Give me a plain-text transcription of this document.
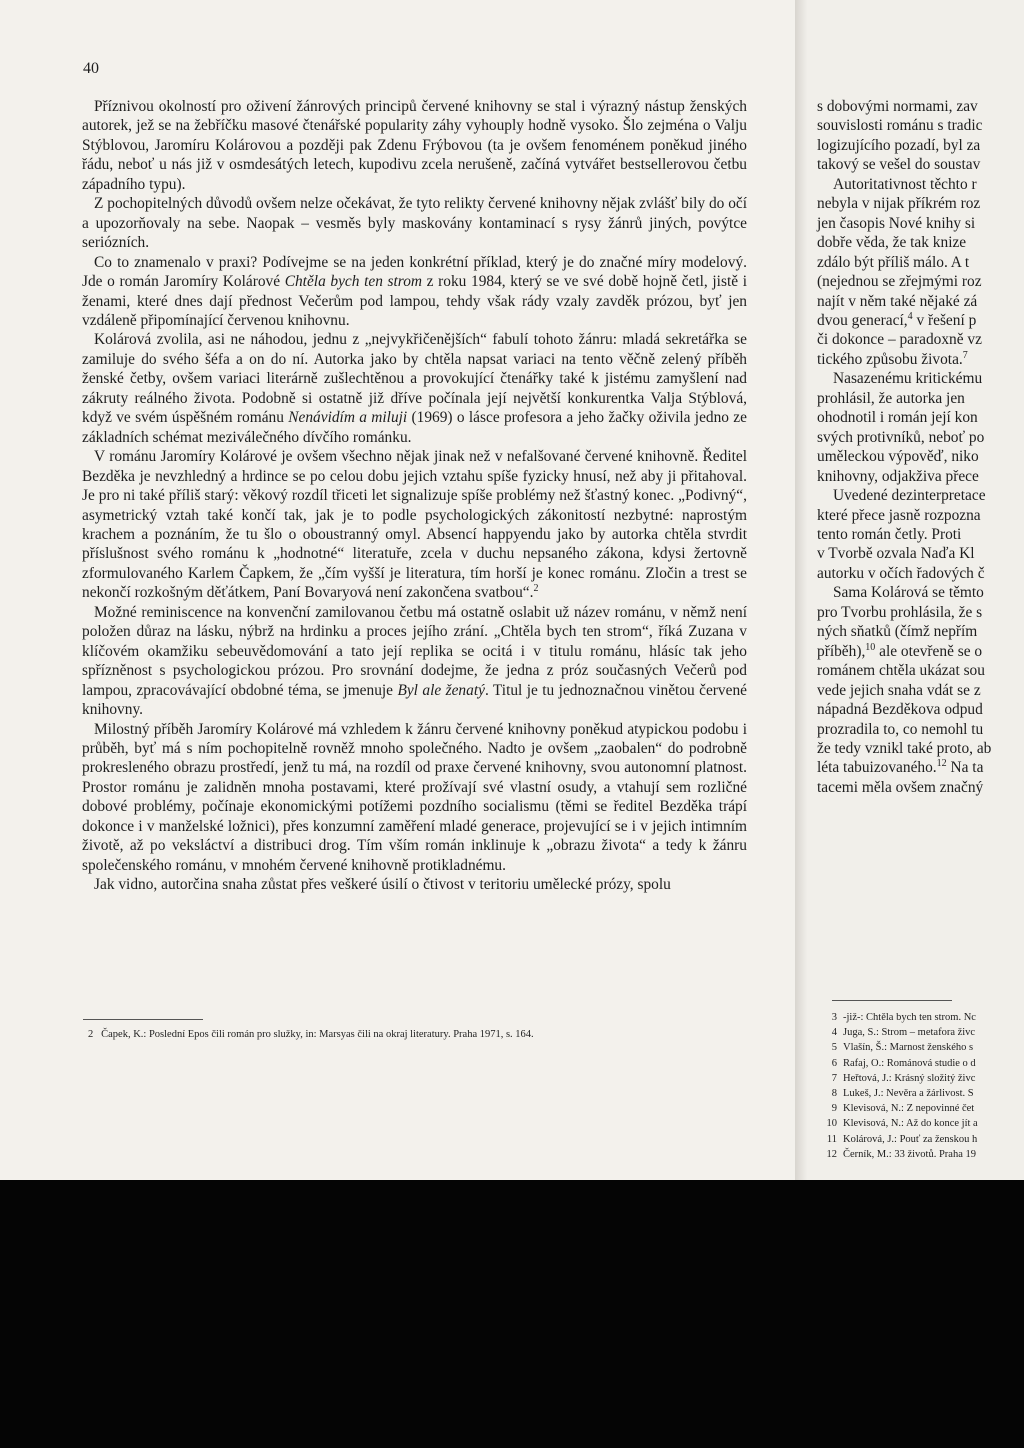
40

Příznivou okolností pro oživení žánrových principů červené knihovny se stal i výrazný nástup ženských autorek, jež se na žebříčku masové čtenářské popularity záhy vyhouply hodně vysoko. Šlo zejména o Valju Stýblovou, Jaromíru Kolárovou a později pak Zdenu Frýbovou (ta je ovšem fenoménem poněkud jiného řádu, neboť u nás již v osmdesátých letech, kupodivu zcela nerušeně, začíná vytvářet bestsellerovou četbu západního typu).

Z pochopitelných důvodů ovšem nelze očekávat, že tyto relikty červené knihovny nějak zvlášť bily do očí a upozorňovaly na sebe. Naopak – vesměs byly maskovány kontaminací s rysy žánrů jiných, povýtce seriózních.

Co to znamenalo v praxi? Podívejme se na jeden konkrétní příklad, který je do značné míry modelový. Jde o román Jaromíry Kolárové Chtěla bych ten strom z roku 1984, který se ve své době hojně četl, jistě i ženami, které dnes dají přednost Večerům pod lampou, tehdy však rády vzaly zavděk prózou, byť jen vzdáleně připomínající červenou knihovnu.

Kolárová zvolila, asi ne náhodou, jednu z „nejvykřičenějších“ fabulí tohoto žánru: mladá sekretářka se zamiluje do svého šéfa a on do ní. Autorka jako by chtěla napsat variaci na tento věčně zelený příběh ženské četby, ovšem variaci literárně zušlechtěnou a provokující čtenářky také k jistému zamyšlení nad zákruty reálného života. Podobně si ostatně již dříve počínala její největší konkurentka Valja Stýblová, když ve svém úspěšném románu Nenávidím a miluji (1969) o lásce profesora a jeho žačky oživila jedno ze základních schémat meziválečného dívčího románku.

V románu Jaromíry Kolárové je ovšem všechno nějak jinak než v nefalšované červené knihovně. Ředitel Bezděka je nevzhledný a hrdince se po celou dobu jejich vztahu spíše fyzicky hnusí, než aby ji přitahoval. Je pro ni také příliš starý: věkový rozdíl třiceti let signalizuje spíše problémy než šťastný konec. „Podivný“, asymetrický vztah také končí tak, jak je to podle psychologických zákonitostí nezbytné: naprostým krachem a poznáním, že tu šlo o oboustranný omyl. Absencí happyendu jako by autorka chtěla stvrdit příslušnost svého románu k „hodnotné“ literatuře, zcela v duchu nepsaného zákona, kdysi žertovně zformulovaného Karlem Čapkem, že „čím vyšší je literatura, tím horší je konec románu. Zločin a trest se nekončí rozkošným děťátkem, Paní Bovaryová není zakončena svatbou“.$^2$

Možné reminiscence na konvenční zamilovanou četbu má ostatně oslabit už název románu, v němž není položen důraz na lásku, nýbrž na hrdinku a proces jejího zrání. „Chtěla bych ten strom“, říká Zuzana v klíčovém okamžiku sebeuvědomování a tato její replika se ocitá i v titulu románu, hlásíc tak jeho spřízněnost s psychologickou prózou. Pro srovnání dodejme, že jedna z próz současných Večerů pod lampou, zpracovávající obdobné téma, se jmenuje Byl ale ženatý. Titul je tu jednoznačnou vinětou červené knihovny.

Milostný příběh Jaromíry Kolárové má vzhledem k žánru červené knihovny poněkud atypickou podobu i průběh, byť má s ním pochopitelně rovněž mnoho společného. Nadto je ovšem „zaobalen“ do podrobně prokresleného obrazu prostředí, jenž tu má, na rozdíl od praxe červené knihovny, svou autonomní platnost. Prostor románu je zalidněn mnoha postavami, které prožívají své vlastní osudy, a vtahují sem rozličné dobové problémy, počínaje ekonomickými potížemi pozdního socialismu (těmi se ředitel Bezděka trápí dokonce i v manželské ložnici), přes konzumní zaměření mladé generace, projevující se i v jejich intimním životě, až po veksláctví a distribuci drog. Tím vším román inklinuje k „obrazu života“ a tedy k žánru společenského románu, v mnohém červené knihovně protikladnému.

Jak vidno, autorčina snaha zůstat přes veškeré úsilí o čtivost v teritoriu umělecké prózy, spolu

2 Čapek, K.: Poslední Epos čili román pro služky, in: Marsyas čili na okraj literatury. Praha 1971, s. 164.
s dobovými normami, zav
souvislosti románu s tradic
logizujícího pozadí, byl za
takový se vešel do soustav
Autoritativnost těchto r
nebyla v nijak příkrém roz
jen časopis Nové knihy si
dobře věda, že tak knize
zdálo být příliš málo. A t
(nejednou se zřejmými roz
najít v něm také nějaké zá
dvou generací,$^4$ v řešení p
či dokonce – paradoxně vz
tického způsobu života.$^7$
Nasazenému kritickému
prohlásil, že autorka jen
ohodnotil i román její kon
svých protivníků, neboť po
uměleckou výpověď, niko
knihovny, odjakživa přece
Uvedené dezinterpretace
které přece jasně rozpozna
tento román četly. Proti
v Tvorbě ozvala Naďa Kl
autorku v očích řadových č
Sama Kolárová se těmto
pro Tvorbu prohlásila, že s
ných sňatků (čímž nepřím
příběh),$^{10}$ ale otevřeně se o
románem chtěla ukázat sou
vede jejich snaha vdát se z
nápadná Bezděkova odpud
prozradila to, co nemohl tu
že tedy vznikl také proto, ab
léta tabuizovaného.$^{12}$ Na ta
tacemi měla ovšem značný
3 -již-: Chtěla bych ten strom. Nc
4 Juga, S.: Strom – metafora živc
5 Vlašín, Š.: Marnost ženského s
6 Rafaj, O.: Románová studie o d
7 Heřtová, J.: Krásný složitý živc
8 Lukeš, J.: Nevěra a žárlivost. S
9 Klevisová, N.: Z nepovinné čet
10 Klevisová, N.: Až do konce jít a
11 Kolárová, J.: Pouť za ženskou h
12 Černík, M.: 33 životů. Praha 19
